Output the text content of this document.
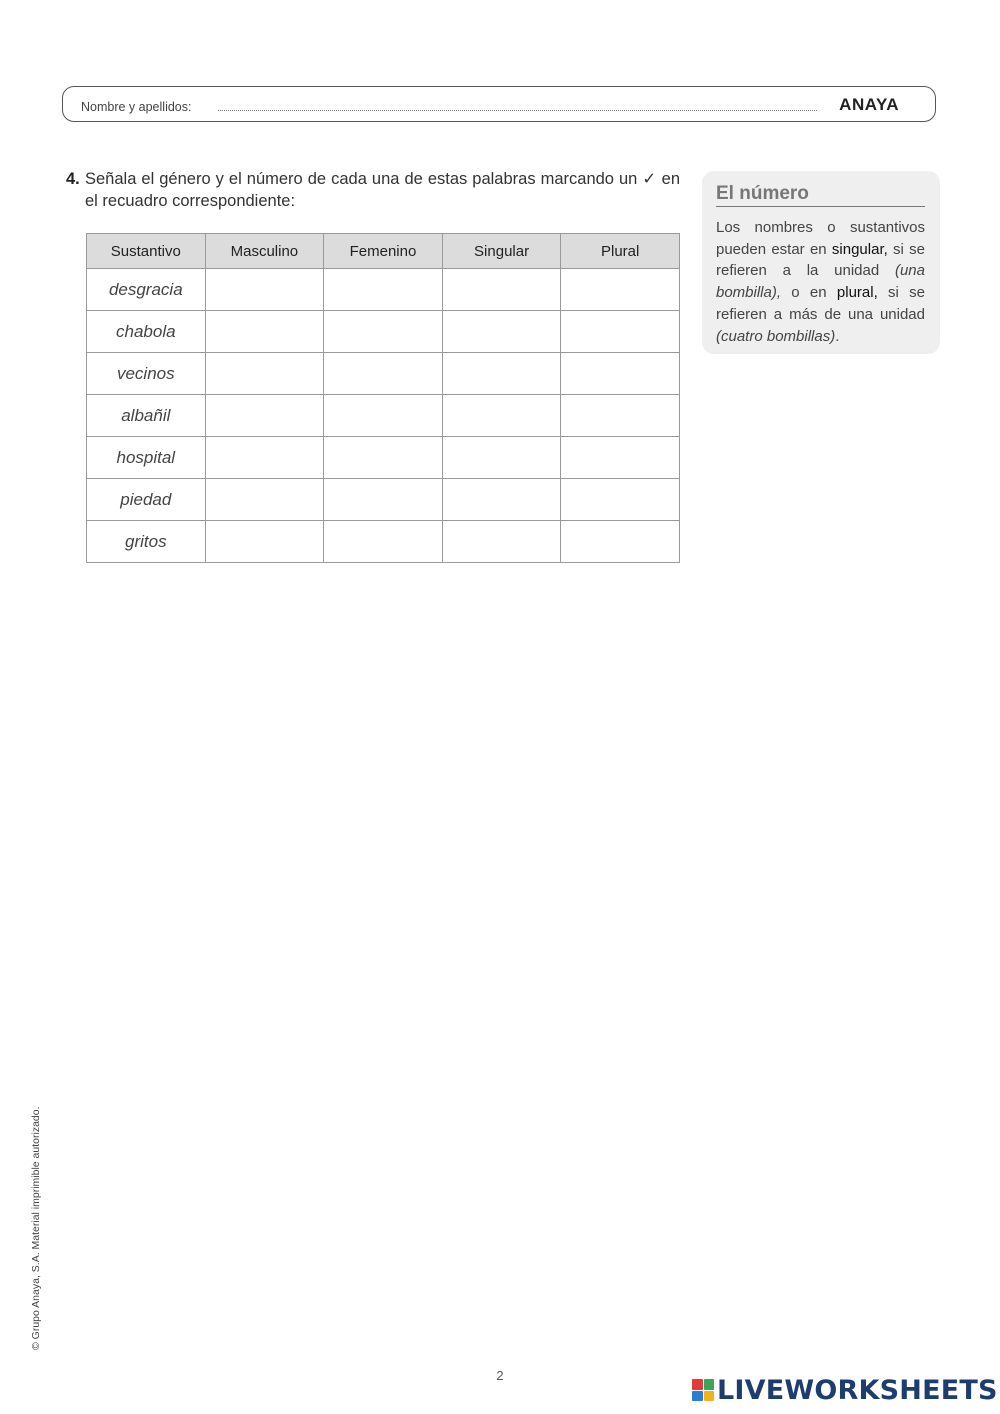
Nombre y apellidos:	ANAYA
4. Señala el género y el número de cada una de estas palabras marcando un ✓ en el recuadro correspondiente:
Sustantivo	Masculino	Femenino	Singular	Plural
desgracia				
chabola				
vecinos				
albañil				
hospital				
piedad				
gritos				
El número
Los nombres o sustantivos pueden estar en singular, si se refieren a la unidad (una bombilla), o en plural, si se refieren a más de una unidad (cuatro bombillas).
© Grupo Anaya, S.A. Material imprimible autorizado.
2	LIVEWORKSHEETS
